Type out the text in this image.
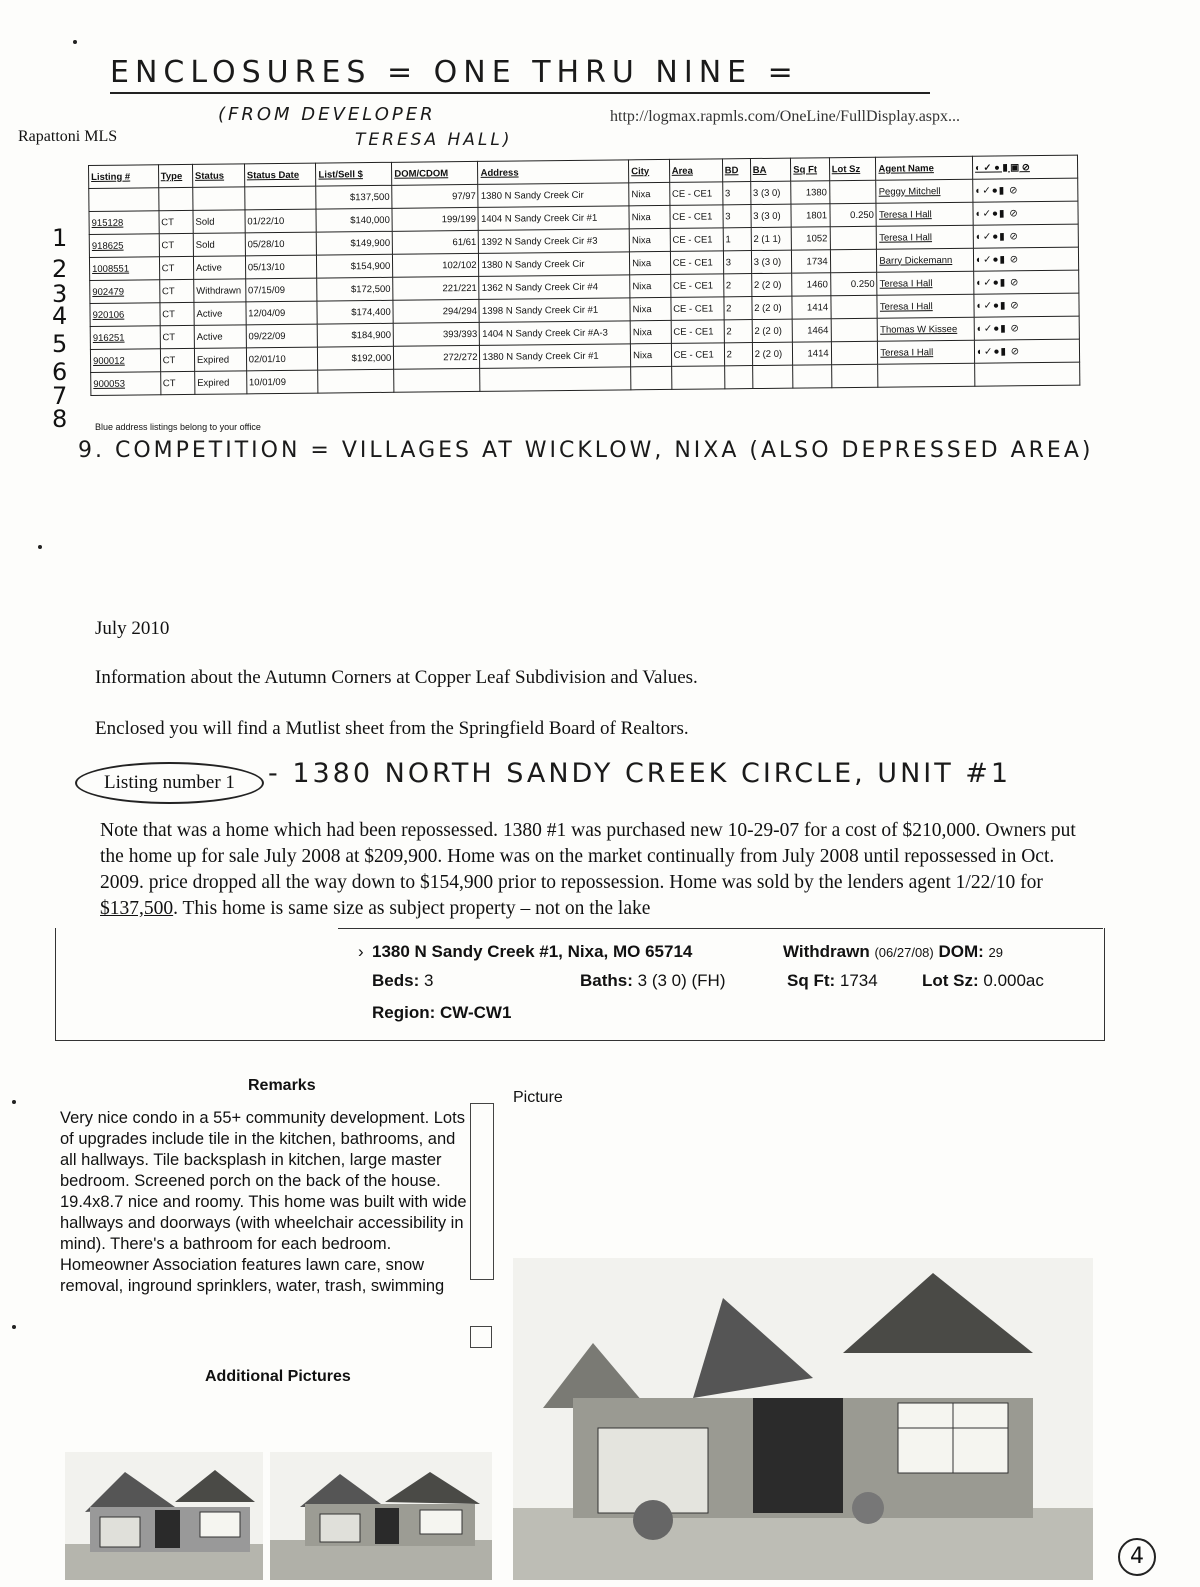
ENCLOSURES = ONE THRU NINE =
(FROM DEVELOPER
TERESA HALL)
Rapattoni MLS
http://logmax.rapmls.com/OneLine/FullDisplay.aspx...
Listing #	Type	Status	Status Date	List/Sell $	DOM/CDOM	Address	City	Area	BD	BA	Sq Ft	Lot Sz	Agent Name	◐ ✓ ● ▮ ▣ ⊘
				$137,500	97/97	1380 N Sandy Creek Cir	Nixa	CE - CE1	3	3 (3 0)	1380		Peggy Mitchell	◐✓●▮ ⊘
915128	CT	Sold	01/22/10	$140,000	199/199	1404 N Sandy Creek Cir #1	Nixa	CE - CE1	3	3 (3 0)	1801	0.250	Teresa I Hall	◐✓●▮ ⊘
918625	CT	Sold	05/28/10	$149,900	61/61	1392 N Sandy Creek Cir #3	Nixa	CE - CE1	1	2 (1 1)	1052		Teresa I Hall	◐✓●▮ ⊘
1008551	CT	Active	05/13/10	$154,900	102/102	1380 N Sandy Creek Cir	Nixa	CE - CE1	3	3 (3 0)	1734		Barry Dickemann	◐✓●▮ ⊘
902479	CT	Withdrawn	07/15/09	$172,500	221/221	1362 N Sandy Creek Cir #4	Nixa	CE - CE1	2	2 (2 0)	1460	0.250	Teresa I Hall	◐✓●▮ ⊘
920106	CT	Active	12/04/09	$174,400	294/294	1398 N Sandy Creek Cir #1	Nixa	CE - CE1	2	2 (2 0)	1414		Teresa I Hall	◐✓●▮ ⊘
916251	CT	Active	09/22/09	$184,900	393/393	1404 N Sandy Creek Cir #A-3	Nixa	CE - CE1	2	2 (2 0)	1464		Thomas W Kissee	◐✓●▮ ⊘
900012	CT	Expired	02/01/10	$192,000	272/272	1380 N Sandy Creek Cir #1	Nixa	CE - CE1	2	2 (2 0)	1414		Teresa I Hall	◐✓●▮ ⊘
900053	CT	Expired	10/01/09											
Blue address listings belong to your office
1
2
3
4
5
6
7
8
9. COMPETITION = VILLAGES AT WICKLOW, NIXA (ALSO DEPRESSED AREA)
July 2010
Information about the Autumn Corners at Copper Leaf Subdivision and Values.
Enclosed you will find a Mutlist sheet from the Springfield Board of Realtors.
Listing number 1	- 1380 NORTH SANDY CREEK CIRCLE, UNIT #1
Note that was a home which had been repossessed. 1380 #1 was purchased new 10-29-07 for a cost of $210,000. Owners put the home up for sale July 2008 at $209,900. Home was on the market continually from July 2008 until repossessed in Oct. 2009. price dropped all the way down to $154,900 prior to repossession. Home was sold by the lenders agent 1/22/10 for $137,500. This home is same size as subject property – not on the lake
› 1380 N Sandy Creek #1, Nixa, MO 65714	Withdrawn (06/27/08) DOM: 29
Beds: 3	Baths: 3 (3 0) (FH)	Sq Ft: 1734	Lot Sz: 0.000ac
Region: CW-CW1
Remarks
Very nice condo in a 55+ community development. Lots of upgrades include tile in the kitchen, bathrooms, and all hallways. Tile backsplash in kitchen, large master bedroom. Screened porch on the back of the house. 19.4x8.7 nice and roomy. This home was built with wide hallways and doorways (with wheelchair accessibility in mind). There's a bathroom for each bedroom. Homeowner Association features lawn care, snow removal, inground sprinklers, water, trash, swimming
Picture
Additional Pictures
4
